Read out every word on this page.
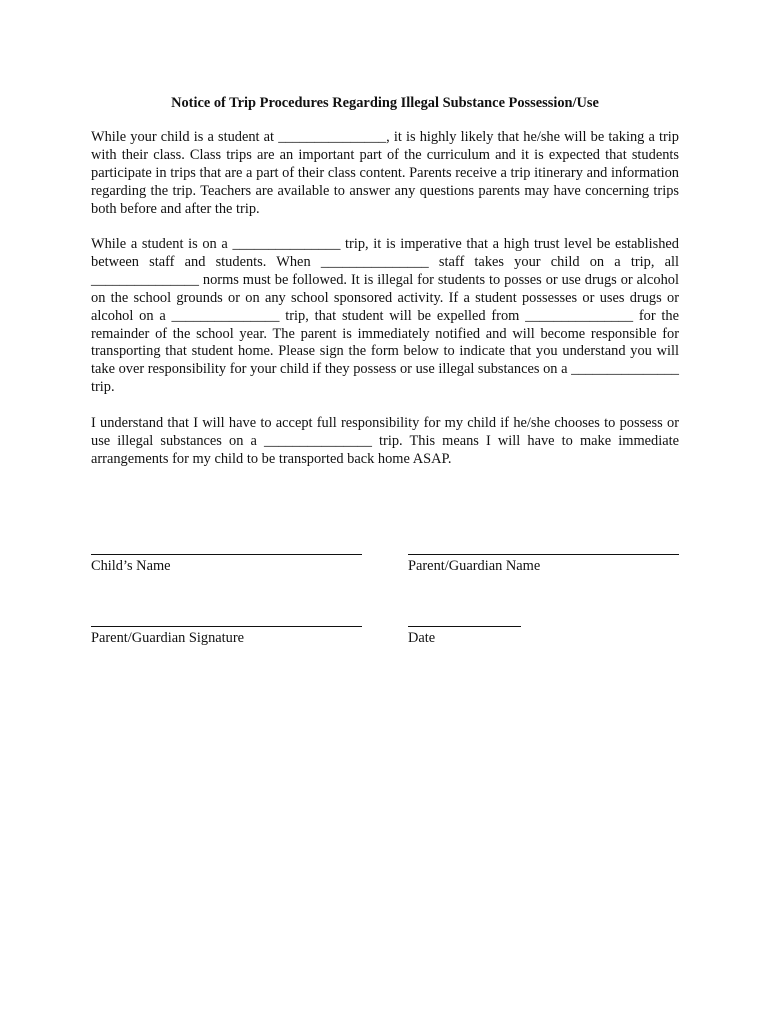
Notice of Trip Procedures Regarding Illegal Substance Possession/Use

While your child is a student at _______________, it is highly likely that he/she will be taking a trip with their class. Class trips are an important part of the curriculum and it is expected that students participate in trips that are a part of their class content. Parents receive a trip itinerary and information regarding the trip. Teachers are available to answer any questions parents may have concerning trips both before and after the trip.

While a student is on a _______________ trip, it is imperative that a high trust level be established between staff and students. When _______________ staff takes your child on a trip, all _______________ norms must be followed. It is illegal for students to posses or use drugs or alcohol on the school grounds or on any school sponsored activity. If a student possesses or uses drugs or alcohol on a _______________ trip, that student will be expelled from _______________ for the remainder of the school year. The parent is immediately notified and will become responsible for transporting that student home. Please sign the form below to indicate that you understand you will take over responsibility for your child if they possess or use illegal substances on a _______________ trip.

I understand that I will have to accept full responsibility for my child if he/she chooses to possess or use illegal substances on a _______________ trip. This means I will have to make immediate arrangements for my child to be transported back home ASAP.

Child’s Name	Parent/Guardian Name
Parent/Guardian Signature	Date
